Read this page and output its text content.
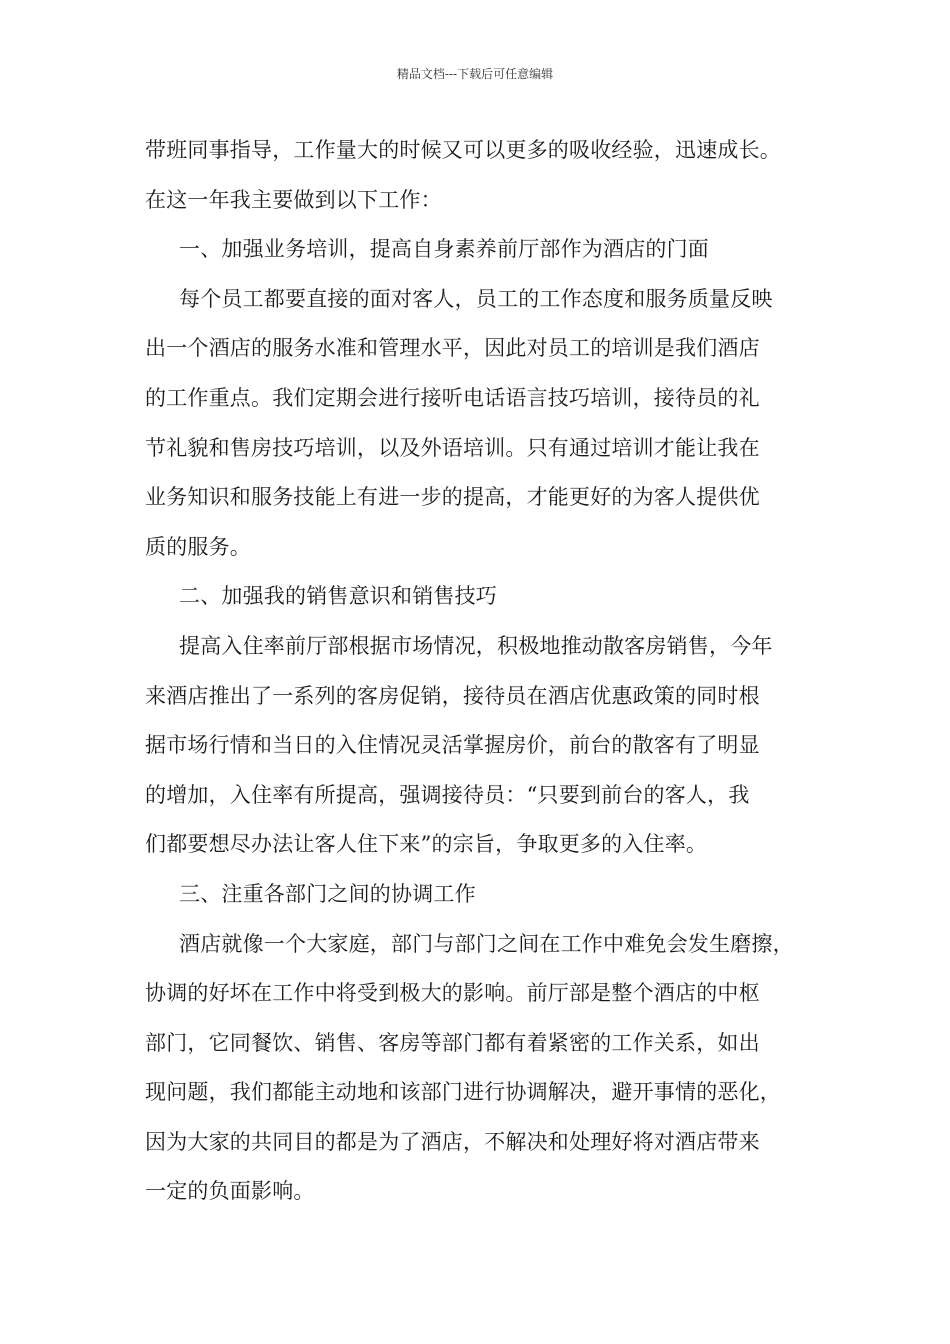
精品文档---下载后可任意编辑
带班同事指导，工作量大的时候又可以更多的吸收经验，迅速成长。
在这一年我主要做到以下工作：
一、加强业务培训，提高自身素养前厅部作为酒店的门面
每个员工都要直接的面对客人，员工的工作态度和服务质量反映
出一个酒店的服务水准和管理水平，因此对员工的培训是我们酒店
的工作重点。我们定期会进行接听电话语言技巧培训，接待员的礼
节礼貌和售房技巧培训，以及外语培训。只有通过培训才能让我在
业务知识和服务技能上有进一步的提高，才能更好的为客人提供优
质的服务。
二、加强我的销售意识和销售技巧
提高入住率前厅部根据市场情况，积极地推动散客房销售，今年
来酒店推出了一系列的客房促销，接待员在酒店优惠政策的同时根
据市场行情和当日的入住情况灵活掌握房价，前台的散客有了明显
的增加，入住率有所提高，强调接待员：“只要到前台的客人，我
们都要想尽办法让客人住下来”的宗旨，争取更多的入住率。
三、注重各部门之间的协调工作
酒店就像一个大家庭，部门与部门之间在工作中难免会发生磨擦，
协调的好坏在工作中将受到极大的影响。前厅部是整个酒店的中枢
部门，它同餐饮、销售、客房等部门都有着紧密的工作关系，如出
现问题，我们都能主动地和该部门进行协调解决，避开事情的恶化，
因为大家的共同目的都是为了酒店，不解决和处理好将对酒店带来
一定的负面影响。
